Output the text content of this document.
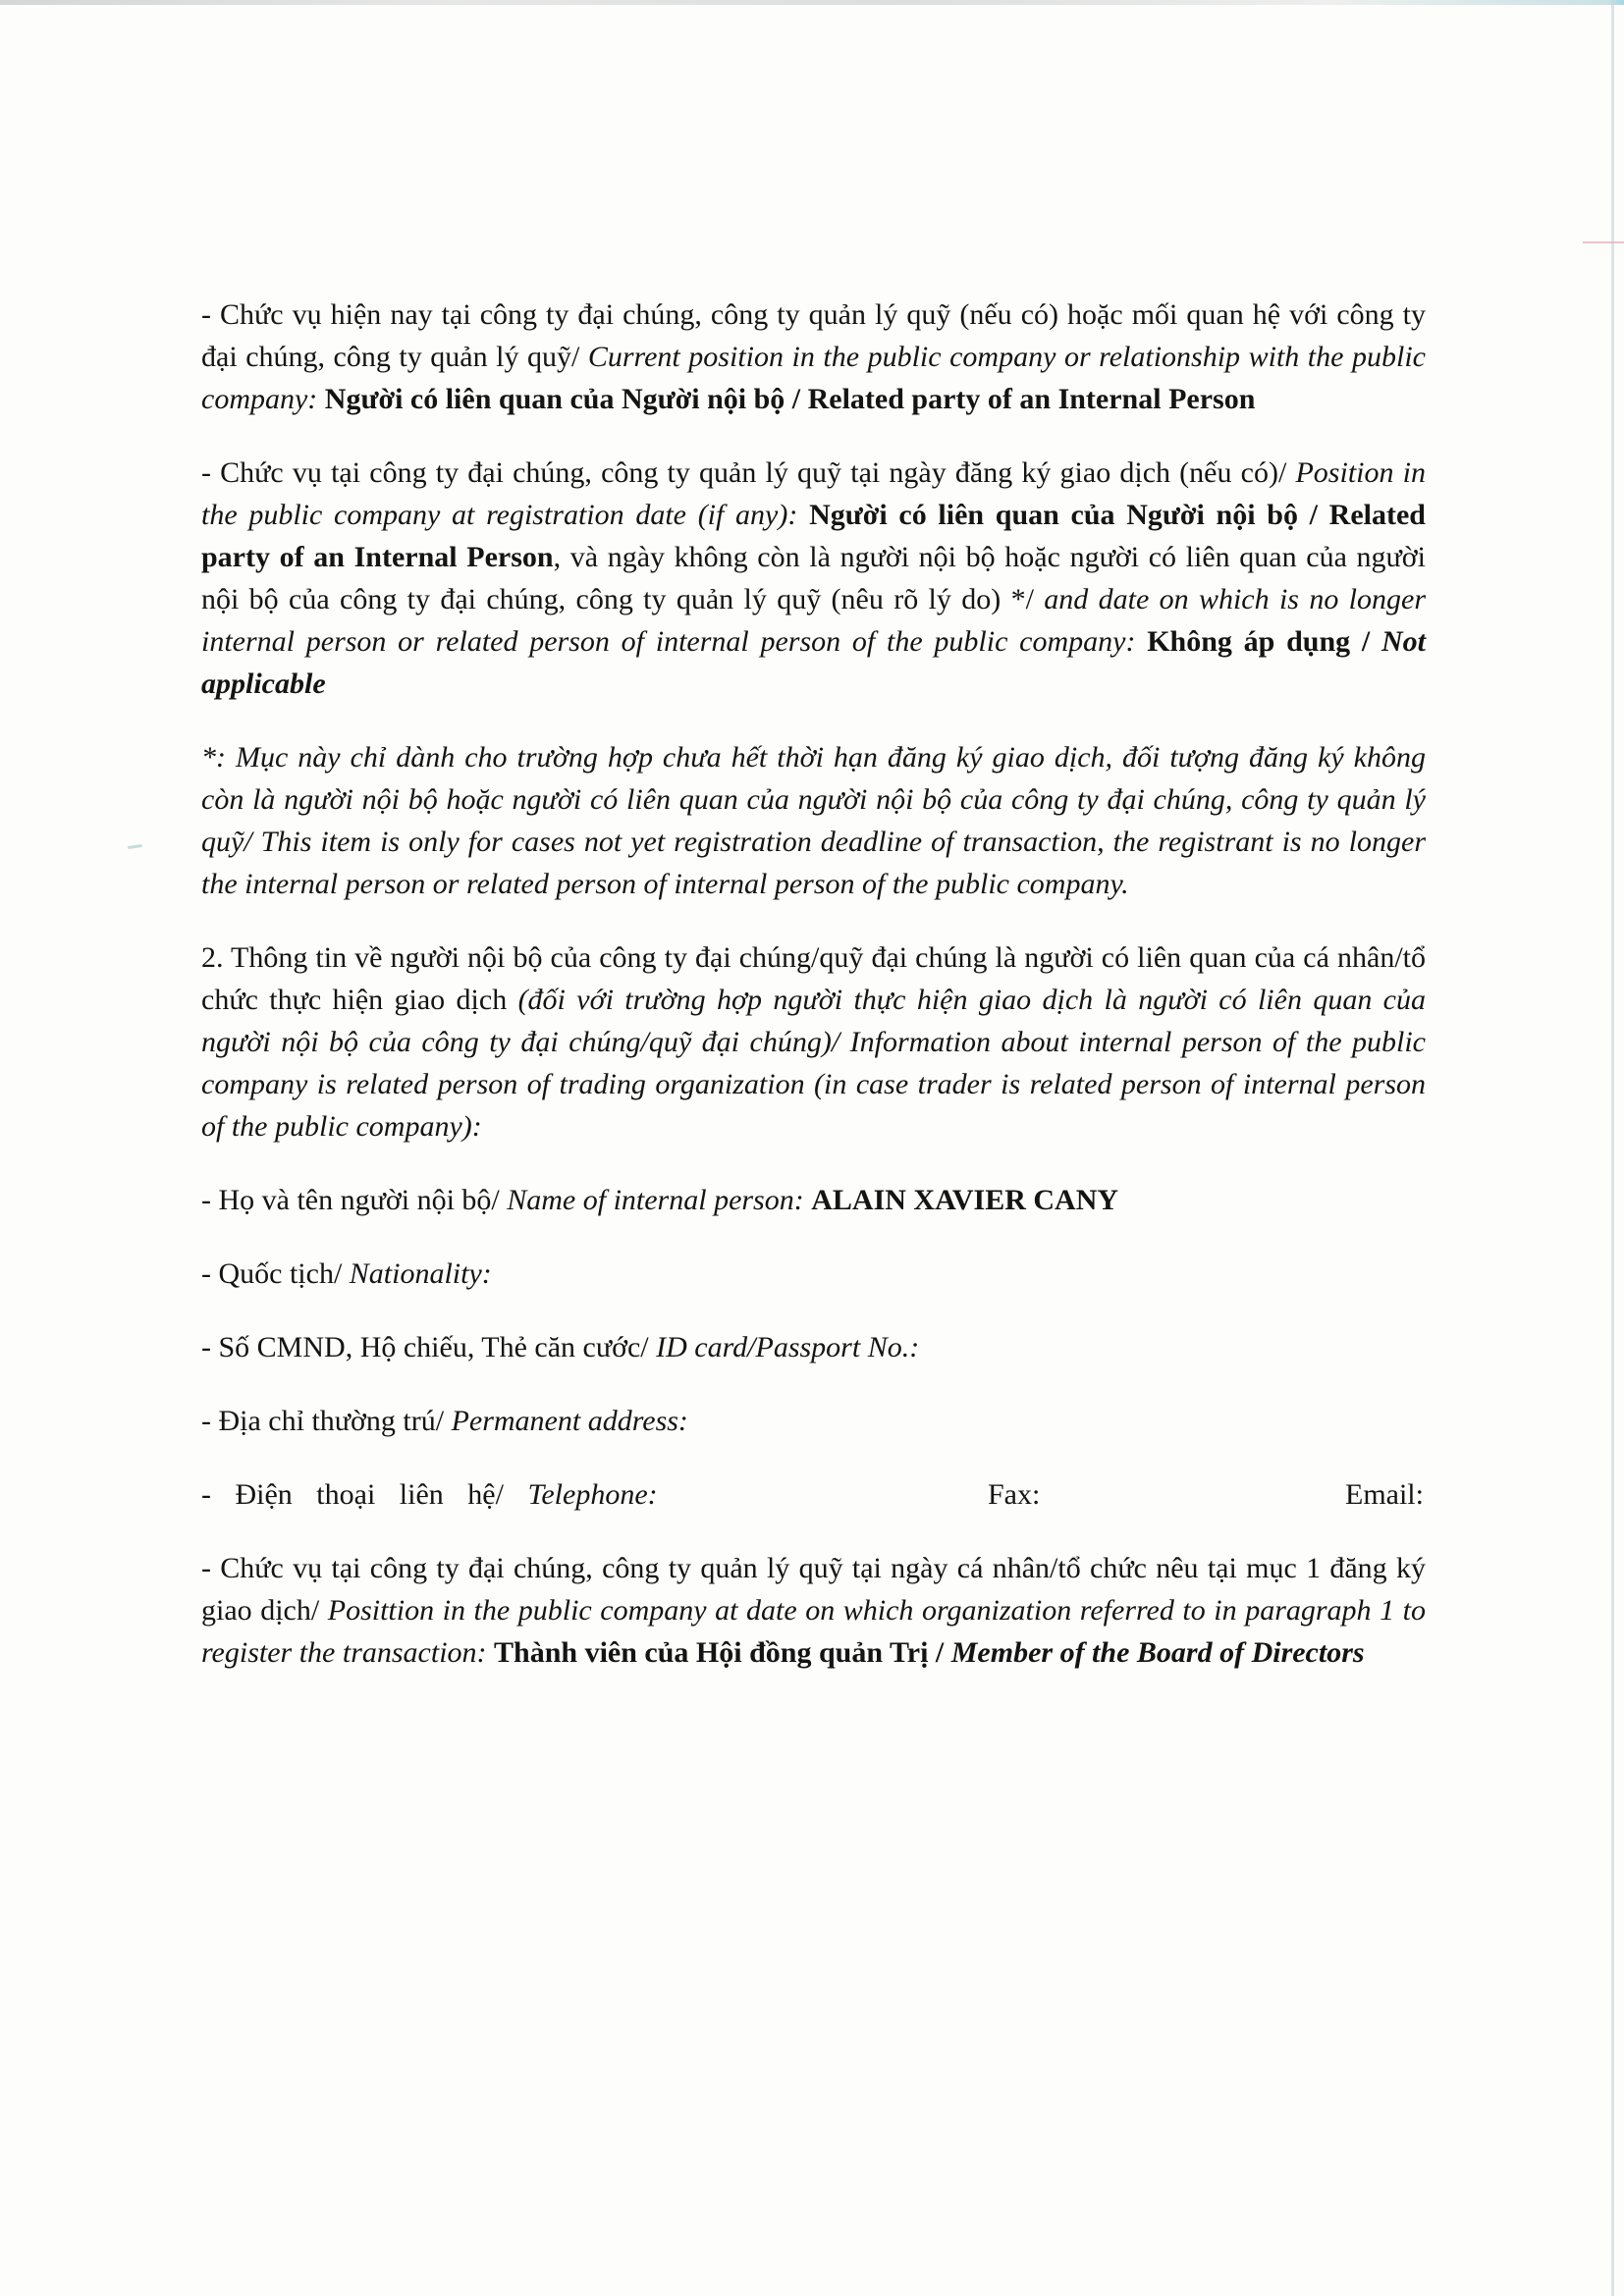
- Chức vụ hiện nay tại công ty đại chúng, công ty quản lý quỹ (nếu có) hoặc mối quan hệ với công ty đại chúng, công ty quản lý quỹ/ Current position in the public company or relationship with the public company: Người có liên quan của Người nội bộ / Related party of an Internal Person

- Chức vụ tại công ty đại chúng, công ty quản lý quỹ tại ngày đăng ký giao dịch (nếu có)/ Position in the public company at registration date (if any): Người có liên quan của Người nội bộ / Related party of an Internal Person, và ngày không còn là người nội bộ hoặc người có liên quan của người nội bộ của công ty đại chúng, công ty quản lý quỹ (nêu rõ lý do) */ and date on which is no longer internal person or related person of internal person of the public company: Không áp dụng / Not applicable

*: Mục này chỉ dành cho trường hợp chưa hết thời hạn đăng ký giao dịch, đối tượng đăng ký không còn là người nội bộ hoặc người có liên quan của người nội bộ của công ty đại chúng, công ty quản lý quỹ/ This item is only for cases not yet registration deadline of transaction, the registrant is no longer the internal person or related person of internal person of the public company.

2. Thông tin về người nội bộ của công ty đại chúng/quỹ đại chúng là người có liên quan của cá nhân/tổ chức thực hiện giao dịch (đối với trường hợp người thực hiện giao dịch là người có liên quan của người nội bộ của công ty đại chúng/quỹ đại chúng)/ Information about internal person of the public company is related person of trading organization (in case trader is related person of internal person of the public company):

- Họ và tên người nội bộ/ Name of internal person: ALAIN XAVIER CANY

- Quốc tịch/ Nationality:

- Số CMND, Hộ chiếu, Thẻ căn cước/ ID card/Passport No.:

- Địa chỉ thường trú/ Permanent address:

- Điện thoại liên hệ/ Telephone:	Fax:	Email:

- Chức vụ tại công ty đại chúng, công ty quản lý quỹ tại ngày cá nhân/tổ chức nêu tại mục 1 đăng ký giao dịch/ Posittion in the public company at date on which organization referred to in paragraph 1 to register the transaction: Thành viên của Hội đồng quản Trị / Member of the Board of Directors
